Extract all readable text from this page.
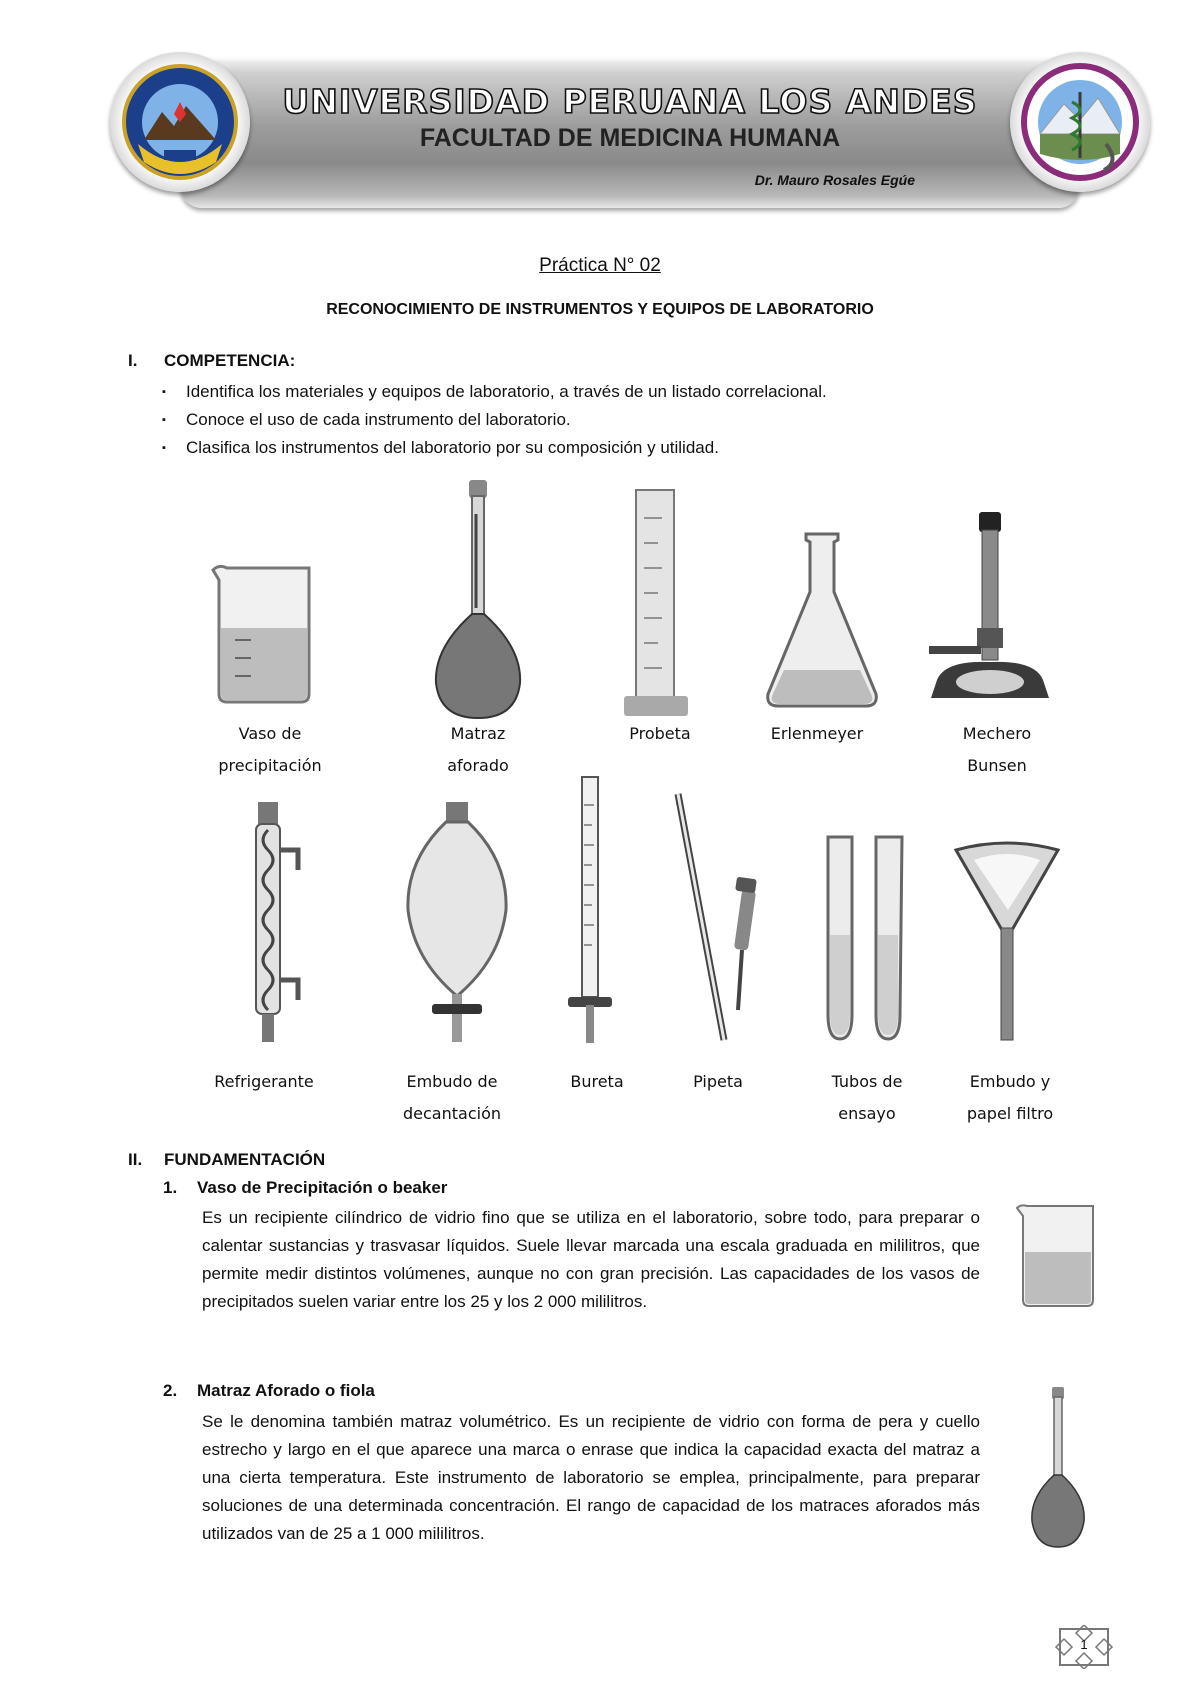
UNIVERSIDAD PERUANA LOS ANDES
FACULTAD DE MEDICINA HUMANA
Dr. Mauro Rosales Egúe
Práctica N° 02
RECONOCIMIENTO DE INSTRUMENTOS Y EQUIPOS DE LABORATORIO
I. COMPETENCIA:
▪ Identifica los materiales y equipos de laboratorio, a través de un listado correlacional.
▪ Conoce el uso de cada instrumento del laboratorio.
▪ Clasifica los instrumentos del laboratorio por su composición y utilidad.
Vaso de
precipitación
Matraz
aforado
Probeta	Erlenmeyer	Mechero
Bunsen
Refrigerante	Embudo de
decantación
Bureta	Pipeta	Tubos de
ensayo
Embudo y
papel filtro
II. FUNDAMENTACIÓN
1. Vaso de Precipitación o beaker

Es un recipiente cilíndrico de vidrio fino que se utiliza en el laboratorio, sobre todo, para preparar o calentar sustancias y trasvasar líquidos. Suele llevar marcada una escala graduada en mililitros, que permite medir distintos volúmenes, aunque no con gran precisión. Las capacidades de los vasos de precipitados suelen variar entre los 25 y los 2 000 mililitros.

2. Matraz Aforado o fiola

Se le denomina también matraz volumétrico. Es un recipiente de vidrio con forma de pera y cuello estrecho y largo en el que aparece una marca o enrase que indica la capacidad exacta del matraz a una cierta temperatura. Este instrumento de laboratorio se emplea, principalmente, para preparar soluciones de una determinada concentración. El rango de capacidad de los matraces aforados más utilizados van de 25 a 1 000 mililitros.

1
